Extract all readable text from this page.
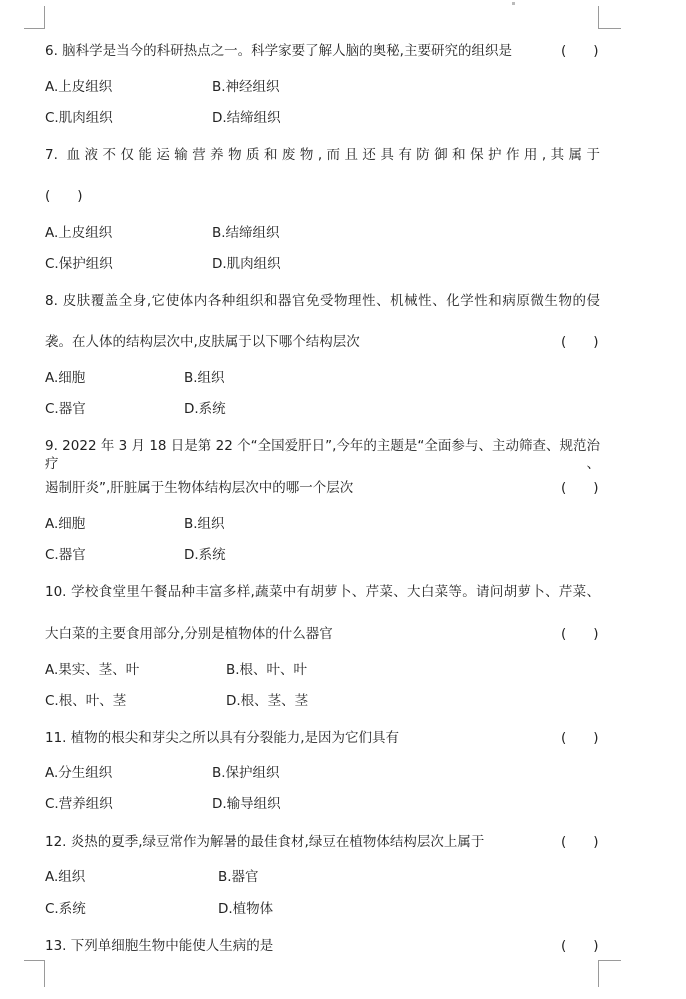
6. 脑科学是当今的科研热点之一。科学家要了解人脑的奥秘,主要研究的组织是	(　　)
A.上皮组织	B.神经组织
C.肌肉组织	D.结缔组织
7. 血液不仅能运输营养物质和废物,而且还具有防御和保护作用,其属于
(　　)
A.上皮组织	B.结缔组织
C.保护组织	D.肌肉组织
8. 皮肤覆盖全身,它使体内各种组织和器官免受物理性、机械性、化学性和病原微生物的侵
袭。在人体的结构层次中,皮肤属于以下哪个结构层次	(　　)
A.细胞	B.组织
C.器官	D.系统
9. 2022 年 3 月 18 日是第 22 个“全国爱肝日”,今年的主题是“全面参与、主动筛查、规范治疗、
遏制肝炎”,肝脏属于生物体结构层次中的哪一个层次	(　　)
A.细胞	B.组织
C.器官	D.系统
10. 学校食堂里午餐品种丰富多样,蔬菜中有胡萝卜、芹菜、大白菜等。请问胡萝卜、芹菜、
大白菜的主要食用部分,分别是植物体的什么器官	(　　)
A.果实、茎、叶	B.根、叶、叶
C.根、叶、茎	D.根、茎、茎
11. 植物的根尖和芽尖之所以具有分裂能力,是因为它们具有	(　　)
A.分生组织	B.保护组织
C.营养组织	D.输导组织
12. 炎热的夏季,绿豆常作为解暑的最佳食材,绿豆在植物体结构层次上属于	(　　)
A.组织	B.器官
C.系统	D.植物体
13. 下列单细胞生物中能使人生病的是	(　　)
